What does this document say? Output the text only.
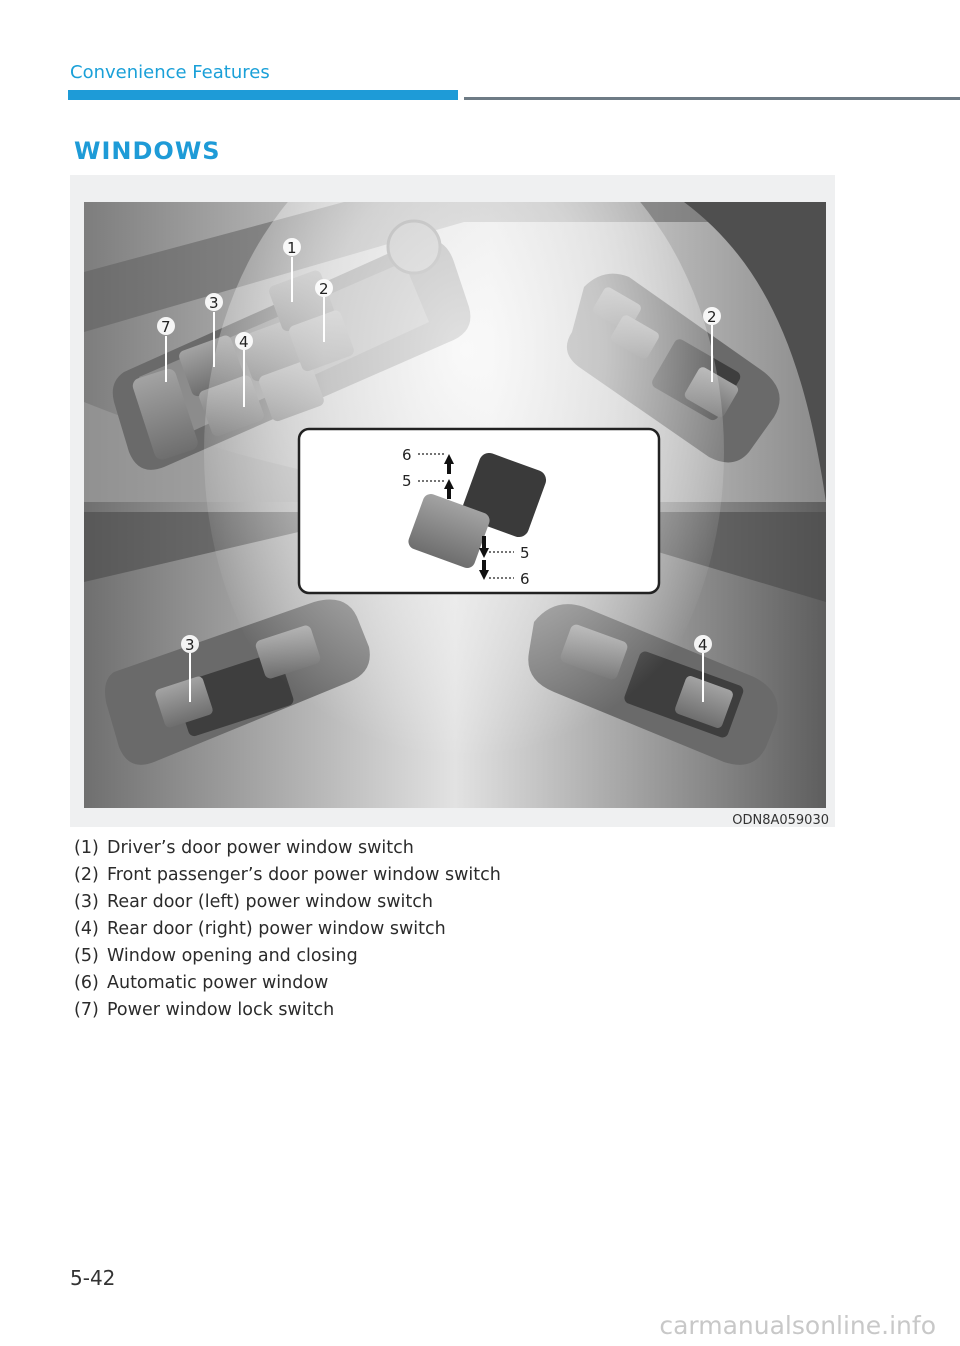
Convenience Features
WINDOWS
6
5
5
6
1
2
3
4
7
2
3	4
ODN8A059030
(1) Driver’s door power window switch
(2) Front passenger’s door power window switch
(3) Rear door (left) power window switch
(4) Rear door (right) power window switch
(5) Window opening and closing
(6) Automatic power window
(7) Power window lock switch
5-42
carmanualsonline.info
